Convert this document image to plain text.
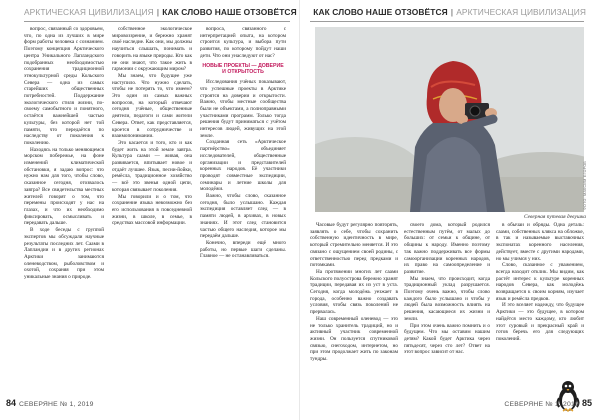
АРКТИЧЕСКАЯ ЦИВИЛИЗАЦИЯ | КАК СЛОВО НАШЕ ОТЗОВЁТСЯ

вопрос, связанный со здоровьем, что, по одна из лучших в мире форм работы человека с сознанием. Поэтому концепция Арктического центра Уникального Лапландского подобранных необходимостью сохранения традиционной этнокультурной среды Кольского Севера — одна из самых старейших общественных потребностей. Поддержание экологического стиля жизни, по-своему самобытного и понятного, остаётся важнейшей частью культуры, без которой нет той памяти, что передаётся по наследству от поколения к поколению.

Находясь на только меняющемся морском побережье, на фоне изменений климатической обстановки, я задаю вопрос: что нужно нам для того, чтобы слово, сказанное сегодня, отозвалось завтра? Все свидетельства местных жителей говорят о том, что перемены происходят у нас на глазах, и что их необходимо фиксировать, осмысливать и передавать дальше.

В ходе беседы с группой экспертов мы обсуждали научные результаты последних лет. Саами в Лапландии и в других регионах Арктики занимаются оленеводством, рыболовством и охотой, сохраняя при этом уникальные знания о природе.

собственное экологическое мировоззрение, и бережно хранят своё наследие. Как они, мы должны научиться слышать, понимать и говорить на языке природы. Кто как не они знают, что такое жить в гармонии с окружающим миром?

Мы знаем, что будущее уже наступило. Что нужно сделать, чтобы не потерять то, что имеем? Это один из самых важных вопросов, на который отвечают сегодня учёные, общественные деятели, педагоги и сами жители Севера. Ответ, как представляется, кроется в сотрудничестве и взаимопонимании.

Это касается и того, кто и как будет жить на этой земле завтра. Культура саами — живая, она развивается, впитывает новое и отдаёт лучшее. Язык, песни-йойки, ремёсла, традиционное хозяйство — всё это звенья одной цепи, которая связывает поколения.

Мы говорили и о том, что сохранение языка невозможно без его использования в повседневной жизни, в школе, в семье, в средствах массовой информации.

вопроса, связанного с интерпретацией опыта, на котором строится культура, и выбора пути развития, по которому пойдут наши дети. Что они унаследуют от нас?

НОВЫЕ ПРОЕКТЫ — ДОВЕРИЕ И ОТКРЫТОСТЬ

Исследования учёных показывают, что успешные проекты в Арктике строятся на доверии и открытости. Важно, чтобы местные сообщества были не объектами, а полноправными участниками программ. Только тогда решения будут приниматься с учётом интересов людей, живущих на этой земле.

Созданная сеть «Арктическое партнёрство» объединяет исследователей, общественные организации и представителей коренных народов. Её участники проводят совместные экспедиции, семинары и летние школы для молодёжи.

Важно, чтобы слово, сказанное сегодня, было услышано. Каждая экспедиция оставляет след — в памяти людей, в архивах, в новых знаниях. И этот след становится частью общего наследия, которое мы передаём дальше.

Конечно, впереди ещё много работы, но первые шаги сделаны. Главное — не останавливаться.

84 СЕВЕРЯНЕ № 1, 2019
КАК СЛОВО НАШЕ ОТЗОВЁТСЯ | АРКТИЧЕСКАЯ ЦИВИЛИЗАЦИЯ
ФОТО: МАКСИМ ЕГОРОВ
Северная путевая девушка

Часовые будут регулярно повторять, заявлять о себе, чтобы сохранить собственную идентичность в мире, который стремительно меняется. И это связано с ощущением своей родины, с ответственностью перед предками и потомками.

На протяжении многих лет саами Кольского полуострова бережно хранят традиции, передавая их из уст в уста. Сегодня, когда молодёжь уезжает в города, особенно важно создавать условия, чтобы связь поколений не прервалась.

Наш современный оленевод — это не только хранитель традиций, но и активный участник современной жизни. Он пользуется спутниковой связью, снегоходом, интернетом, но при этом продолжает жить по законам тундры.

своего дома, который родился естественным путём, от малых до больших: от семьи к общине, от общины к народу. Именно поэтому так важно поддерживать все формы самоорганизации коренных народов, их право на самоопределение и развитие.

Мы знаем, что происходит, когда традиционный уклад разрушается. Поэтому очень важно, чтобы слово каждого было услышано и чтобы у людей была возможность влиять на решения, касающиеся их жизни и земли.

При этом очень важно помнить и о будущем. Что мы оставим нашим детям? Какой будет Арктика через пятьдесят, через сто лет? Ответ на этот вопрос зависит от нас.

в обычаи и обряды. Одна деталь: саами, собственных клякса на обложке, в так и называемые выставочных экспонатах коренного населения, действует, вместе с другими народами, но мы учимся у них.

Слово, сказанное с уважением, всегда находит отклик. Мы видим, как растёт интерес к культуре коренных народов Севера, как молодёжь возвращается к своим корням, изучает язык и ремёсла предков.

И это вселяет надежду, что будущее Арктики — это будущее, в котором найдётся место каждому, кто любит этот суровый и прекрасный край и готов беречь его для следующих поколений.

СЕВЕРЯНЕ № 1, 2019 85
